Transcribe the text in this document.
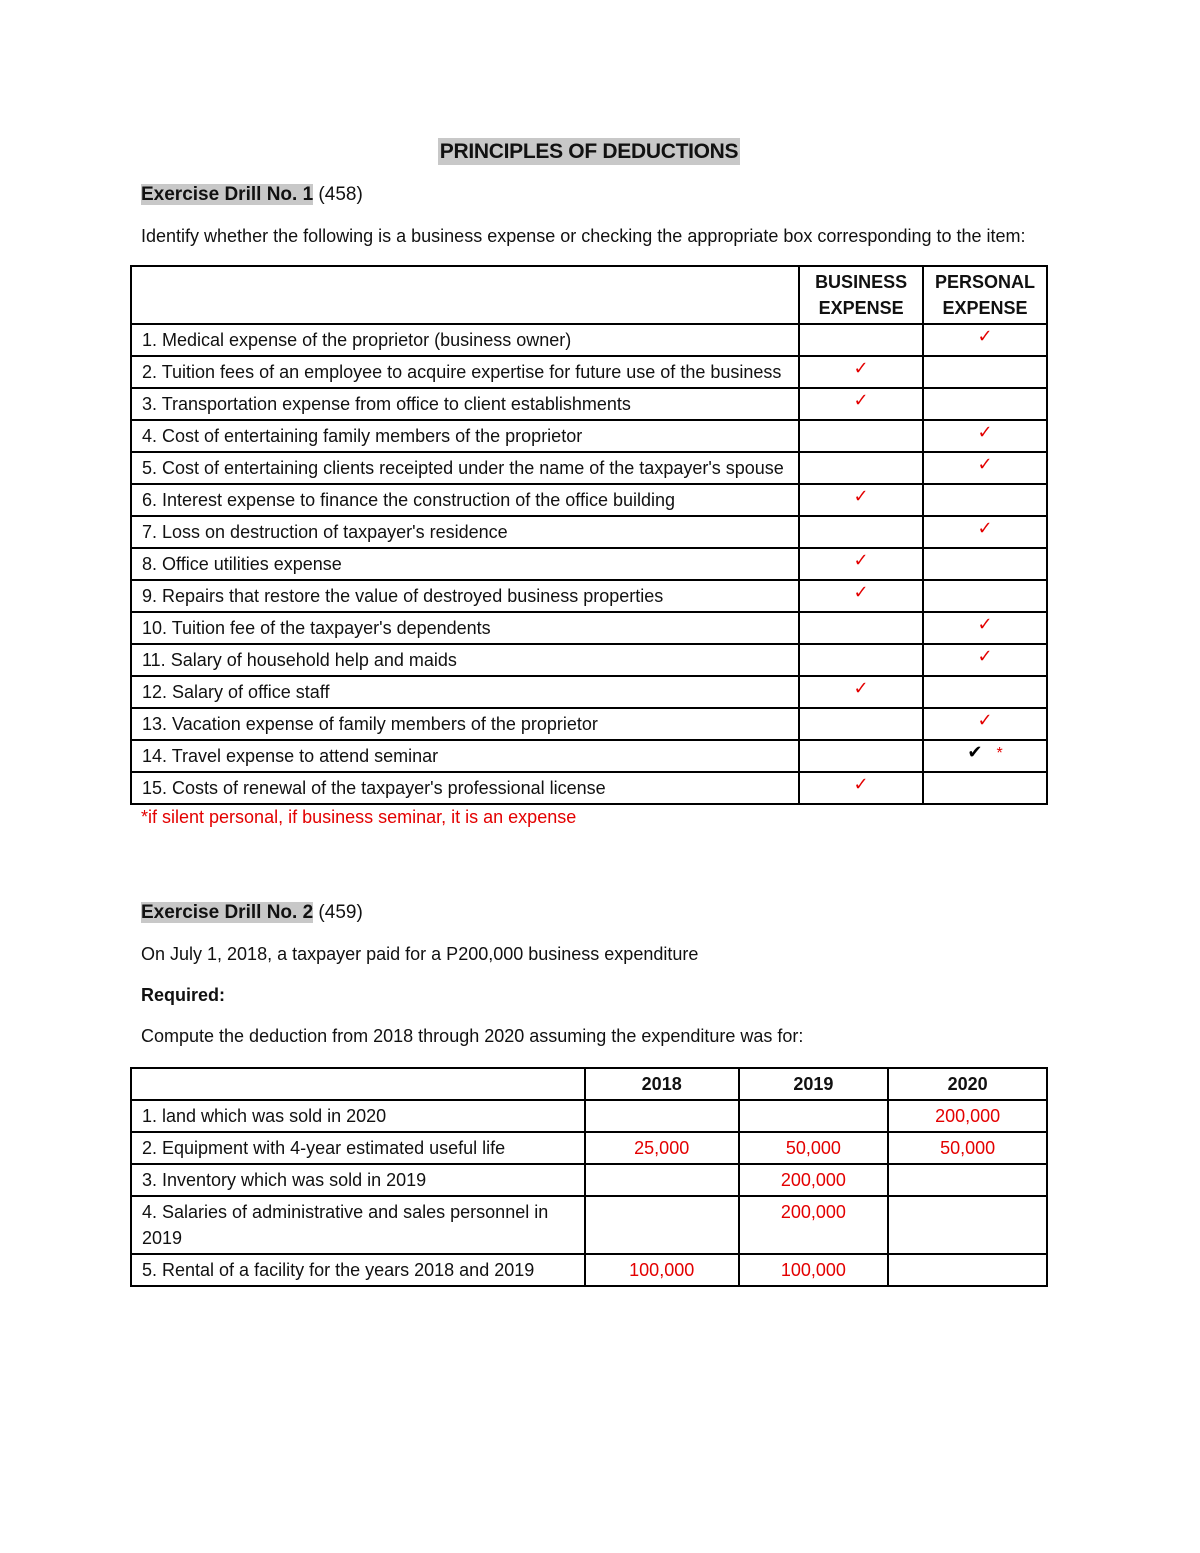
PRINCIPLES OF DEDUCTIONS
Exercise Drill No. 1 (458)
Identify whether the following is a business expense or checking the appropriate box corresponding to the item:
	BUSINESS EXPENSE	PERSONAL EXPENSE
1. Medical expense of the proprietor (business owner)		✓
2. Tuition fees of an employee to acquire expertise for future use of the business	✓	
3. Transportation expense from office to client establishments	✓	
4. Cost of entertaining family members of the proprietor		✓
5. Cost of entertaining clients receipted under the name of the taxpayer's spouse		✓
6. Interest expense to finance the construction of the office building	✓	
7. Loss on destruction of taxpayer's residence		✓
8. Office utilities expense	✓	
9. Repairs that restore the value of destroyed business properties	✓	
10. Tuition fee of the taxpayer's dependents		✓
11. Salary of household help and maids		✓
12. Salary of office staff	✓	
13. Vacation expense of family members of the proprietor		✓
14. Travel expense to attend seminar		✔ *
15. Costs of renewal of the taxpayer's professional license	✓	
*if silent personal, if business seminar, it is an expense
Exercise Drill No. 2 (459)
On July 1, 2018, a taxpayer paid for a P200,000 business expenditure
Required:
Compute the deduction from 2018 through 2020 assuming the expenditure was for:
	2018	2019	2020
1. land which was sold in 2020			200,000
2. Equipment with 4-year estimated useful life	25,000	50,000	50,000
3. Inventory which was sold in 2019		200,000	
4. Salaries of administrative and sales personnel in 2019		200,000	
5. Rental of a facility for the years 2018 and 2019	100,000	100,000	
